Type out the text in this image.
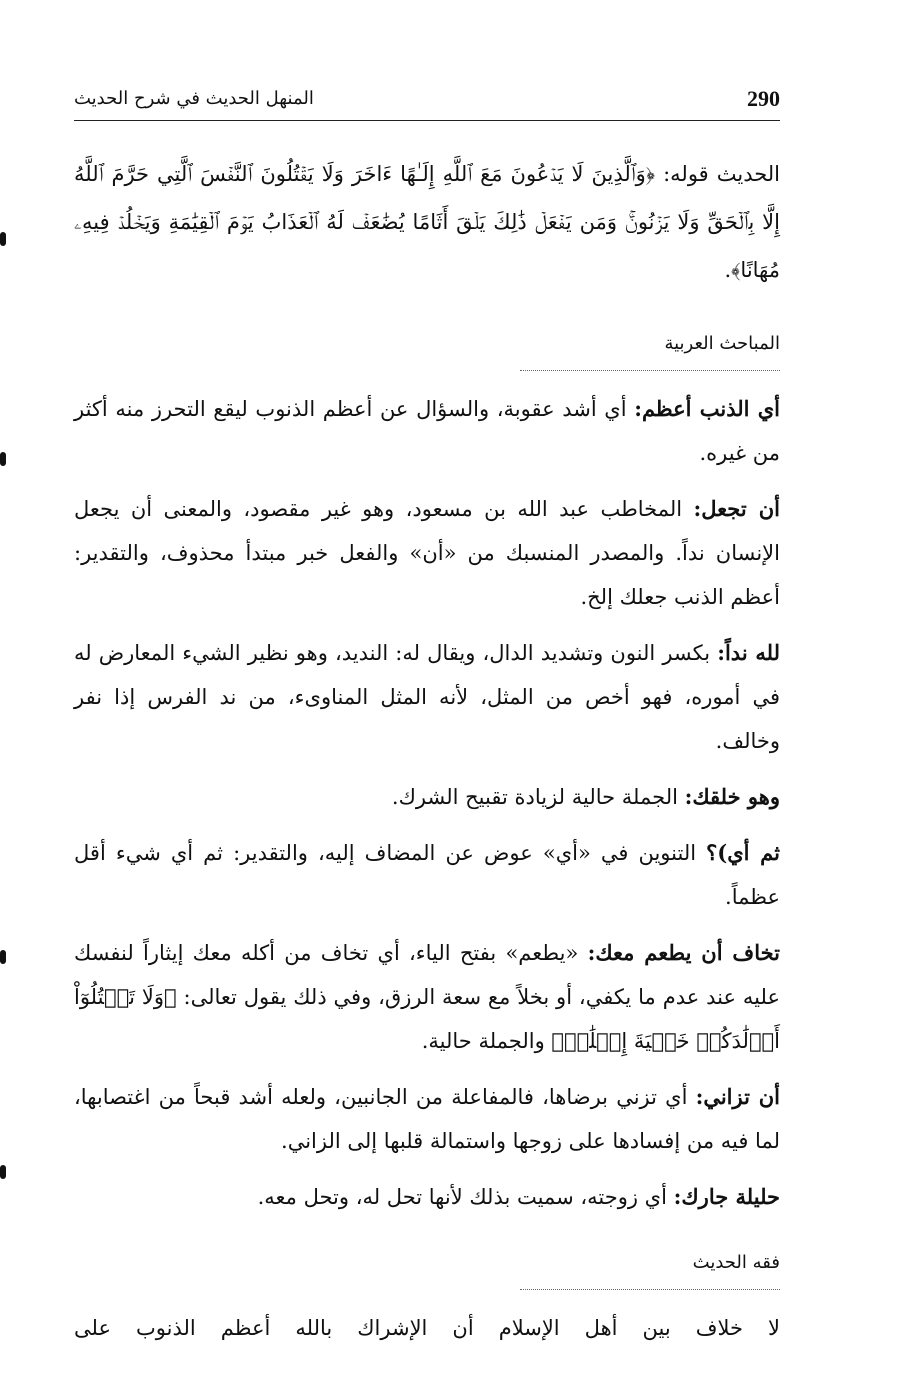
290
المنهل الحديث في شرح الحديث

الحديث قوله: ﴿وَٱلَّذِينَ لَا يَدۡعُونَ مَعَ ٱللَّهِ إِلَـٰهًا ءَاخَرَ وَلَا يَقۡتُلُونَ ٱلنَّفۡسَ ٱلَّتِي حَرَّمَ ٱللَّهُ إِلَّا بِٱلۡحَقِّ وَلَا يَزۡنُونَۚ وَمَن يَفۡعَلۡ ذَٰلِكَ يَلۡقَ أَثَامًا يُضَٰعَفۡ لَهُ ٱلۡعَذَابُ يَوۡمَ ٱلۡقِيَٰمَةِ وَيَخۡلُدۡ فِيهِۦ مُهَانًا﴾.

المباحث العربية

أي الذنب أعظم: أي أشد عقوبة، والسؤال عن أعظم الذنوب ليقع التحرز منه أكثر من غيره.

أن تجعل: المخاطب عبد الله بن مسعود، وهو غير مقصود، والمعنى أن يجعل الإنسان نداً. والمصدر المنسبك من «أن» والفعل خبر مبتدأ محذوف، والتقدير: أعظم الذنب جعلك إلخ.

لله نداً: بكسر النون وتشديد الدال، ويقال له: النديد، وهو نظير الشيء المعارض له في أموره، فهو أخص من المثل، لأنه المثل المناوىء، من ند الفرس إذا نفر وخالف.

وهو خلقك: الجملة حالية لزيادة تقبيح الشرك.

ثم أي)؟ التنوين في «أي» عوض عن المضاف إليه، والتقدير: ثم أي شيء أقل عظماً.

تخاف أن يطعم معك: «يطعم» بفتح الياء، أي تخاف من أكله معك إيثاراً لنفسك عليه عند عدم ما يكفي، أو بخلاً مع سعة الرزق، وفي ذلك يقول تعالى: ﴿وَلَا تَقۡتُلُوٓاْ أَوۡلَٰدَكُمۡ خَشۡيَةَ إِمۡلَٰقٖ﴾ والجملة حالية.

أن تزاني: أي تزني برضاها، فالمفاعلة من الجانبين، ولعله أشد قبحاً من اغتصابها، لما فيه من إفسادها على زوجها واستمالة قلبها إلى الزاني.

حليلة جارك: أي زوجته، سميت بذلك لأنها تحل له، وتحل معه.

فقه الحديث

لا خلاف بين أهل الإسلام أن الإشراك بالله أعظم الذنوب على
